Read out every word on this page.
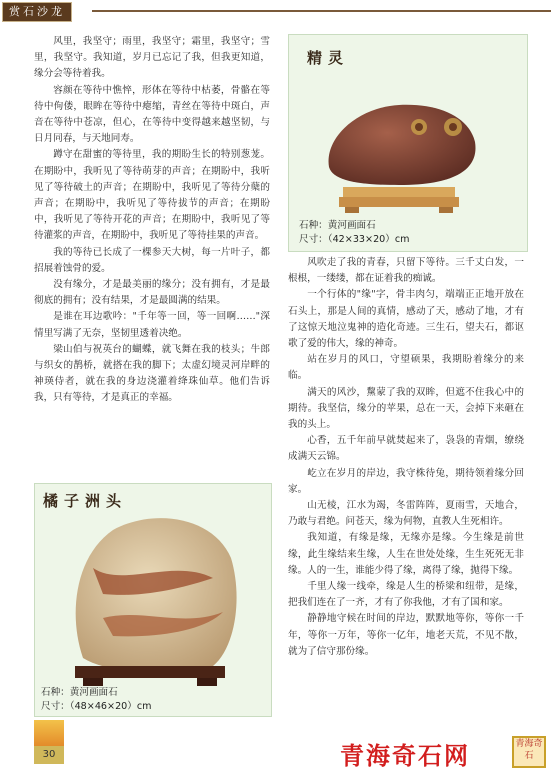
赏石沙龙

风里，我坚守；雨里，我坚守；霜里，我坚守；雪里，我坚守。我知道，岁月已忘记了我，但我更知道，缘分会等待着我。

容颜在等待中憔悴，形体在等待中枯萎，骨骼在等待中佝偻，眼眸在等待中瘪缩，青丝在等待中斑白，声音在等待中苍凉，但心，在等待中变得越来越坚韧，与日月同春，与天地同寿。

蹲守在甜蜜的等待里，我的期盼生长的特别葱茏。在期盼中，我听见了等待萌芽的声音；在期盼中，我听见了等待破土的声音；在期盼中，我听见了等待分蘖的声音；在期盼中，我听见了等待拔节的声音；在期盼中，我听见了等待开花的声音；在期盼中，我听见了等待灌浆的声音，在期盼中，我听见了等待挂果的声音。

我的等待已长成了一棵参天大树，每一片叶子，都招展着蚀骨的爱。

没有缘分，才是最美丽的缘分；没有拥有，才是最彻底的拥有；没有结果，才是最圆满的结果。

是谁在耳边歌吟："千年等一回，等一回啊……"深情里写满了无奈，坚韧里透着决绝。

梁山伯与祝英台的蝴蝶，就飞舞在我的枝头；牛郎与织女的鹊桥，就搭在我的脚下；太虚幻境灵河岸畔的神瑛侍者，就在我的身边浇灌着绛珠仙草。他们告诉我，只有等待，才是真正的幸福。

精灵
石种：黄河画面石
尺寸：（42×33×20）cm

风吹走了我的青春，只留下等待。三千丈白发，一根根，一缕缕，都在证着我的痴诚。

一个行体的"缘"字，骨丰肉匀，端端正正地开放在石头上，那是人间的真情，感动了天，感动了地，才有了这惊天地泣鬼神的造化奇迹。三生石，望夫石，都讴歌了爱的伟大，缘的神奇。

站在岁月的风口，守望硕果，我期盼着缘分的来临。

满天的风沙，黧蒙了我的双眸，但遮不住我心中的期待。我坚信，缘分的苹果，总在一天，会掉下来砸在我的头上。

心香，五千年前早就焚起来了，袅袅的青烟，缭绕成满天云锦。

屹立在岁月的岸边，我守株待兔，期待领着缘分回家。

山无棱，江水为竭，冬雷阵阵，夏雨雪，天地合，乃敢与君绝。问苍天，缘为何物，直教人生死相许。

我知道，有缘是缘，无缘亦是缘。今生缘是前世缘，此生缘结来生缘，人生在世处处缘，生生死死无非缘。人的一生，谁能少得了缘，离得了缘，抛得下缘。

千里人缘一线牵，缘是人生的桥梁和纽带，是缘，把我们连在了一齐，才有了你我他，才有了国和家。

静静地守候在时间的岸边，默默地等你，等你一千年，等你一万年，等你一亿年，地老天荒，不见不散，就为了信守那份缘。

橘子洲头
石种：黄河画面石
尺寸：（48×46×20）cm
30	青海奇石网	青海奇石
